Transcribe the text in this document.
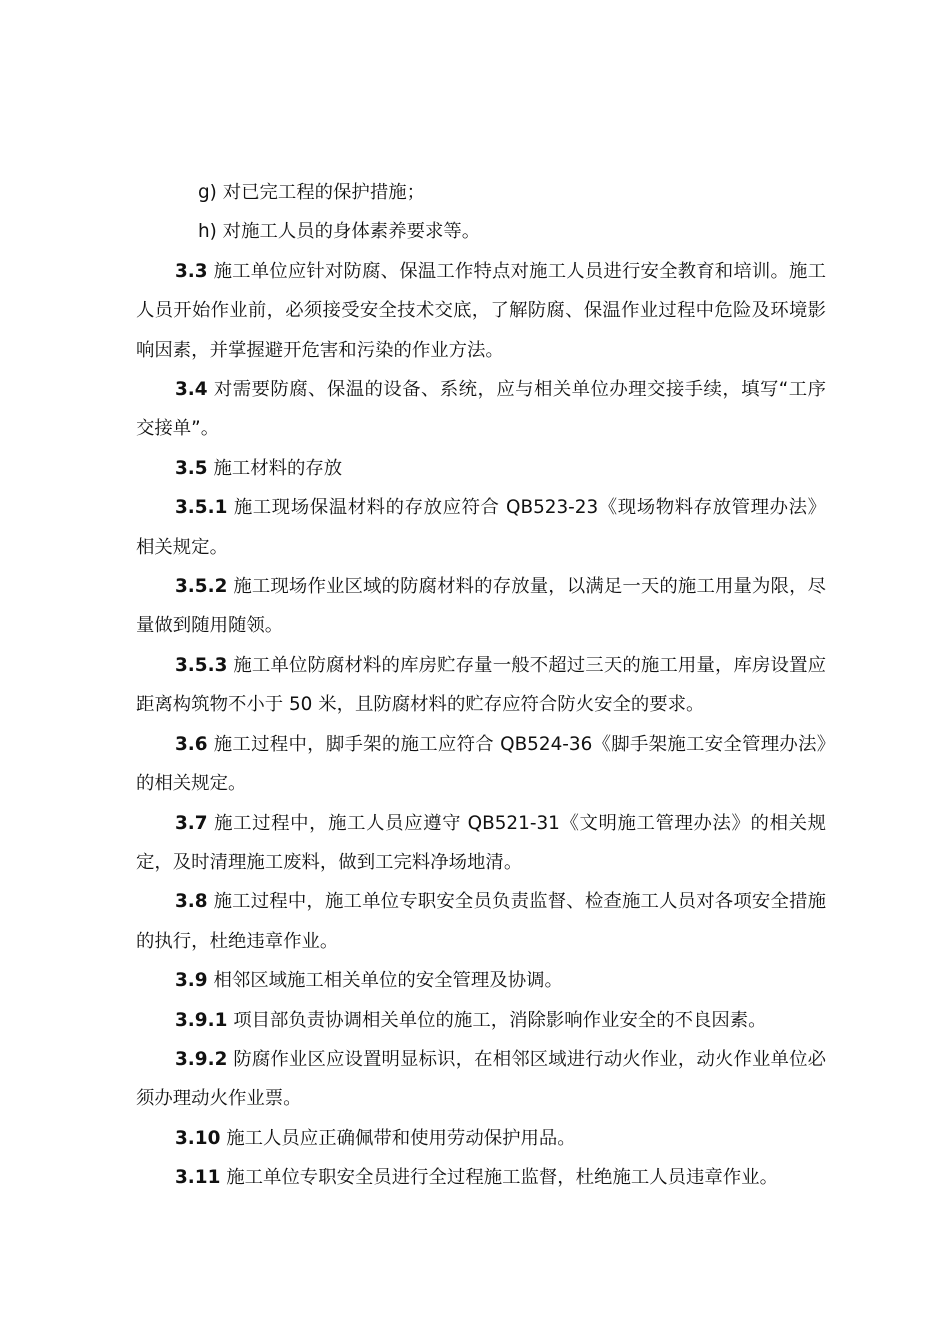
g) 对已完工程的保护措施；

h) 对施工人员的身体素养要求等。

3.3 施工单位应针对防腐、保温工作特点对施工人员进行安全教育和培训。施工人员开始作业前，必须接受安全技术交底，了解防腐、保温作业过程中危险及环境影响因素，并掌握避开危害和污染的作业方法。

3.4 对需要防腐、保温的设备、系统，应与相关单位办理交接手续，填写“工序交接单”。

3.5 施工材料的存放

3.5.1 施工现场保温材料的存放应符合 QB523-23《现场物料存放管理办法》相关规定。

3.5.2 施工现场作业区域的防腐材料的存放量，以满足一天的施工用量为限，尽量做到随用随领。

3.5.3 施工单位防腐材料的库房贮存量一般不超过三天的施工用量，库房设置应距离构筑物不小于 50 米，且防腐材料的贮存应符合防火安全的要求。

3.6 施工过程中，脚手架的施工应符合 QB524-36《脚手架施工安全管理办法》的相关规定。

3.7 施工过程中，施工人员应遵守 QB521-31《文明施工管理办法》的相关规定，及时清理施工废料，做到工完料净场地清。

3.8 施工过程中，施工单位专职安全员负责监督、检查施工人员对各项安全措施的执行，杜绝违章作业。

3.9 相邻区域施工相关单位的安全管理及协调。

3.9.1 项目部负责协调相关单位的施工，消除影响作业安全的不良因素。

3.9.2 防腐作业区应设置明显标识，在相邻区域进行动火作业，动火作业单位必须办理动火作业票。

3.10 施工人员应正确佩带和使用劳动保护用品。

3.11 施工单位专职安全员进行全过程施工监督，杜绝施工人员违章作业。
